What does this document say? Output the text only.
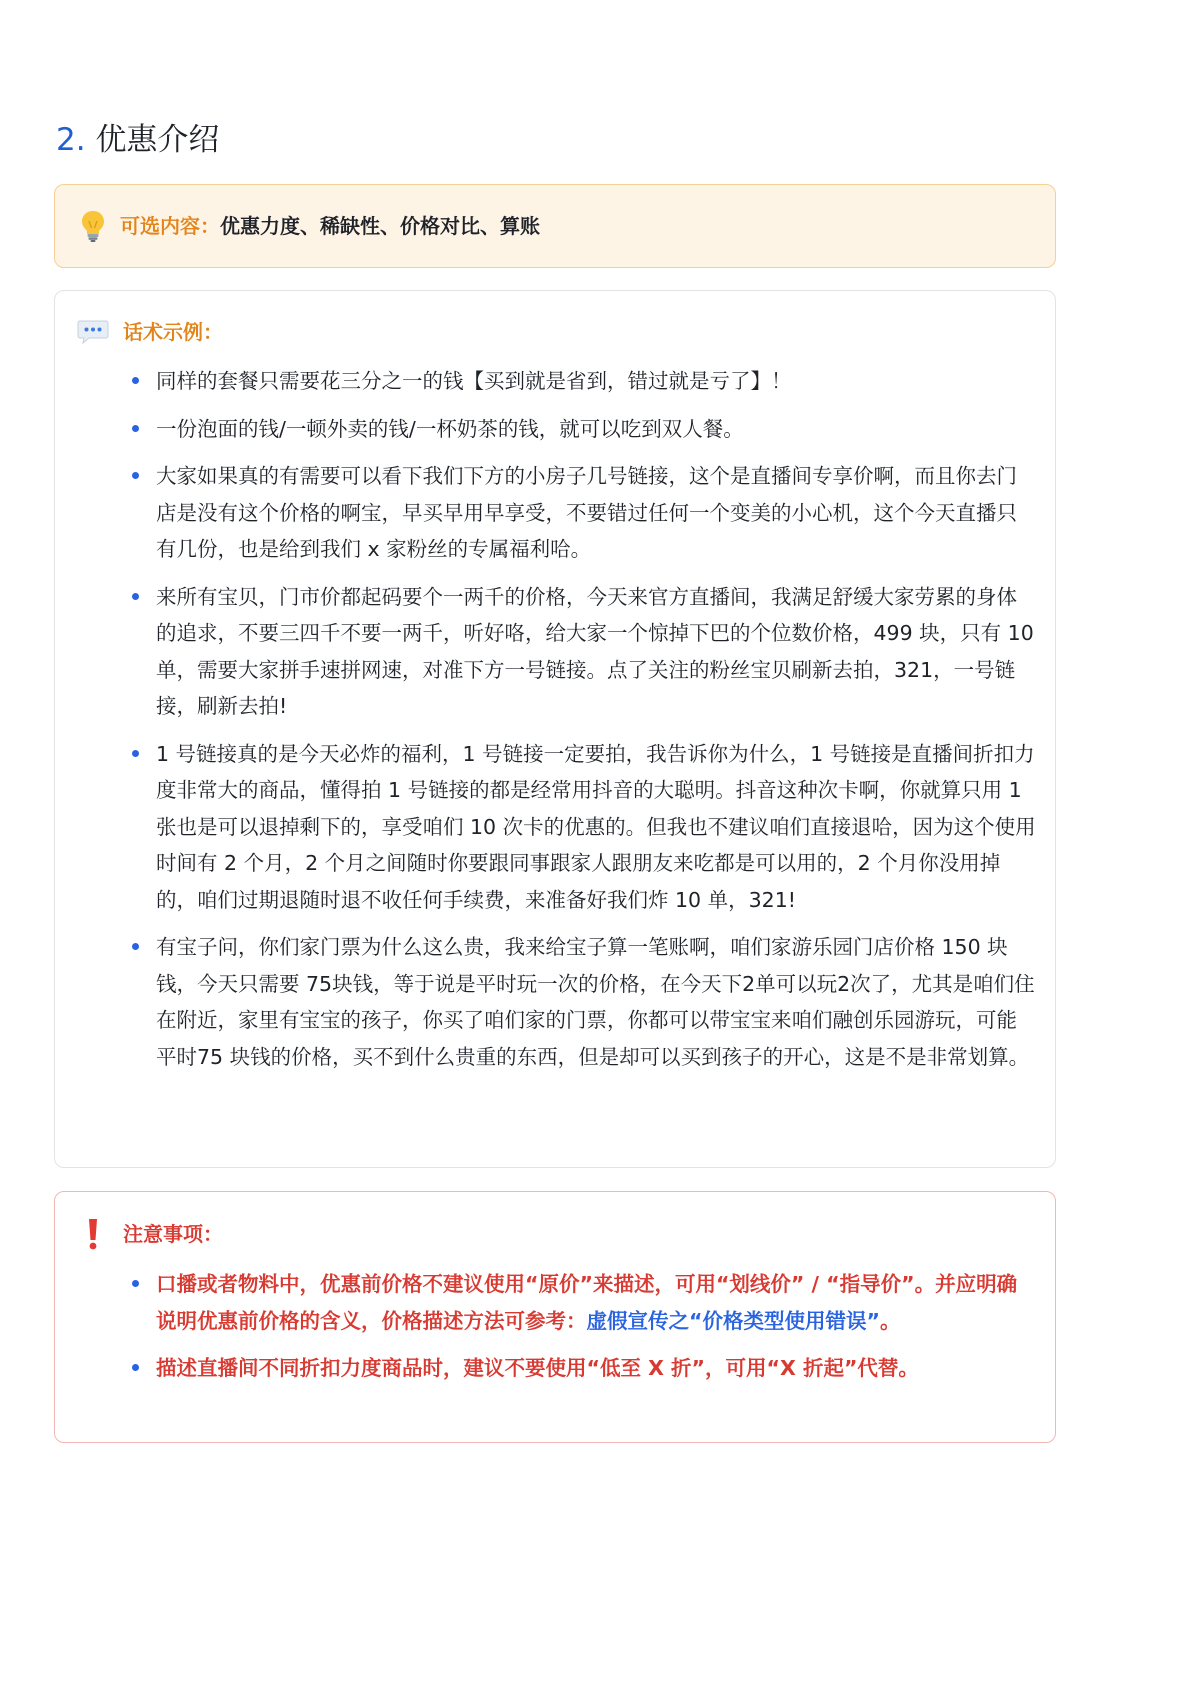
2. 优惠介绍
可选内容：优惠力度、稀缺性、价格对比、算账
话术示例：
同样的套餐只需要花三分之一的钱【买到就是省到，错过就是亏了】！
一份泡面的钱/一顿外卖的钱/一杯奶茶的钱，就可以吃到双人餐。
大家如果真的有需要可以看下我们下方的小房子几号链接，这个是直播间专享价啊，而且你去门店是没有这个价格的啊宝，早买早用早享受，不要错过任何一个变美的小心机，这个今天直播只有几份，也是给到我们 x 家粉丝的专属福利哈。
来所有宝贝，门市价都起码要个一两千的价格，今天来官方直播间，我满足舒缓大家劳累的身体的追求，不要三四千不要一两千，听好咯，给大家一个惊掉下巴的个位数价格，499 块，只有 10 单，需要大家拼手速拼网速，对准下方一号链接。点了关注的粉丝宝贝刷新去拍，321，一号链接，刷新去拍!
1 号链接真的是今天必炸的福利，1 号链接一定要拍，我告诉你为什么，1 号链接是直播间折扣力度非常大的商品，懂得拍 1 号链接的都是经常用抖音的大聪明。抖音这种次卡啊，你就算只用 1 张也是可以退掉剩下的，享受咱们 10 次卡的优惠的。但我也不建议咱们直接退哈，因为这个使用时间有 2 个月，2 个月之间随时你要跟同事跟家人跟朋友来吃都是可以用的，2 个月你没用掉的，咱们过期退随时退不收任何手续费，来准备好我们炸 10 单，321!
有宝子问，你们家门票为什么这么贵，我来给宝子算一笔账啊，咱们家游乐园门店价格 150 块钱，今天只需要 75块钱，等于说是平时玩一次的价格，在今天下2单可以玩2次了，尤其是咱们住在附近，家里有宝宝的孩子，你买了咱们家的门票，你都可以带宝宝来咱们融创乐园游玩，可能平时75 块钱的价格，买不到什么贵重的东西，但是却可以买到孩子的开心，这是不是非常划算。
注意事项：
口播或者物料中，优惠前价格不建议使用“原价”来描述，可用“划线价” / “指导价”。并应明确说明优惠前价格的含义，价格描述方法可参考：虚假宣传之“价格类型使用错误”。
描述直播间不同折扣力度商品时，建议不要使用“低至 X 折”，可用“X 折起”代替。
